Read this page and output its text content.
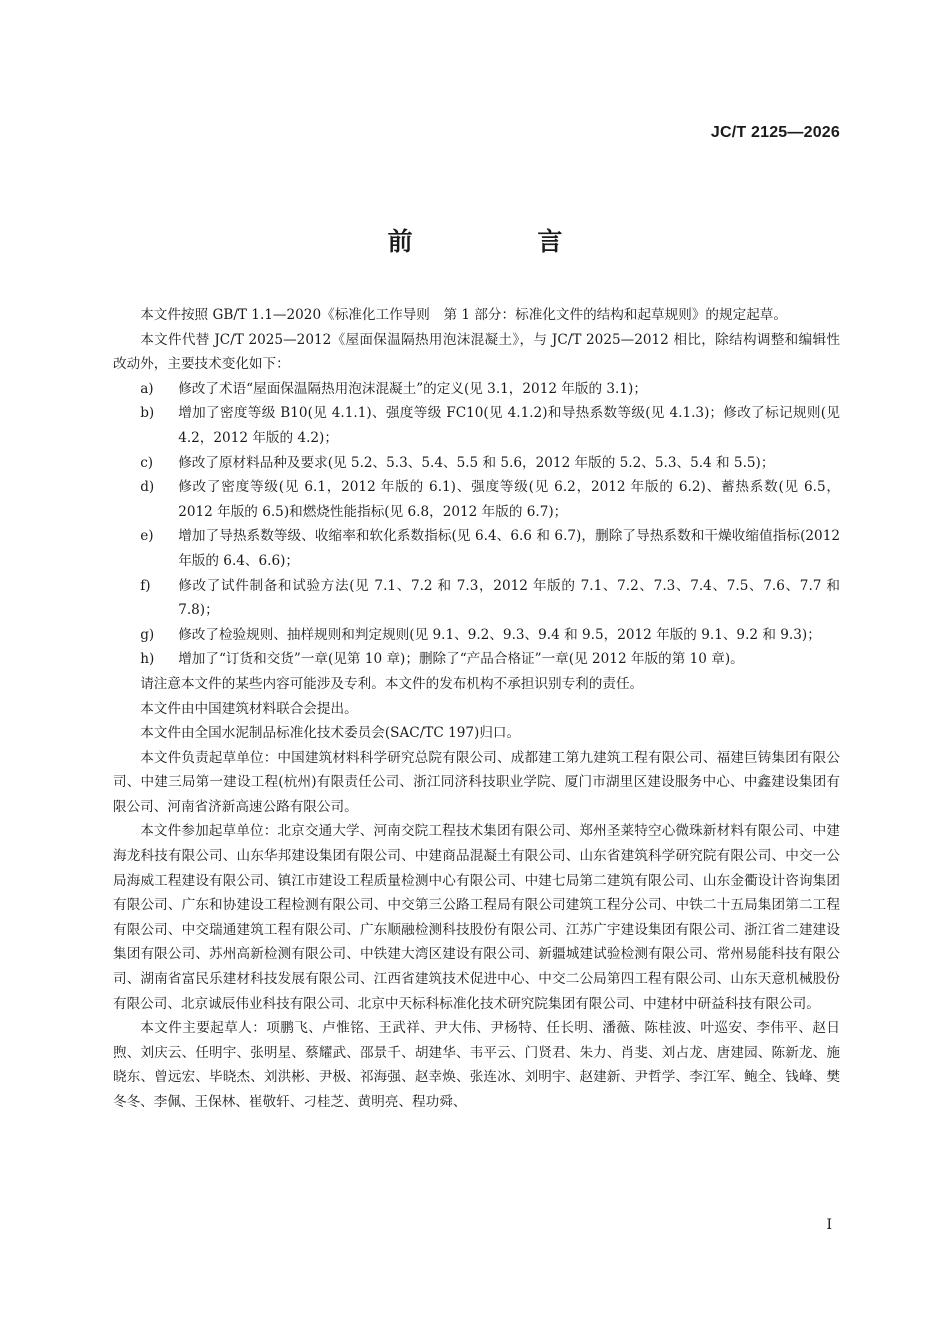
JC/T 2125—2026
前 言

本文件按照 GB/T 1.1—2020《标准化工作导则　第 1 部分：标准化文件的结构和起草规则》的规定起草。

本文件代替 JC/T 2025—2012《屋面保温隔热用泡沫混凝土》，与 JC/T 2025—2012 相比，除结构调整和编辑性改动外，主要技术变化如下：

a)	修改了术语“屋面保温隔热用泡沫混凝土”的定义(见 3.1，2012 年版的 3.1)；
b)	增加了密度等级 B10(见 4.1.1)、强度等级 FC10(见 4.1.2)和导热系数等级(见 4.1.3)；修改了标记规则(见 4.2，2012 年版的 4.2)；
c)	修改了原材料品种及要求(见 5.2、5.3、5.4、5.5 和 5.6，2012 年版的 5.2、5.3、5.4 和 5.5)；
d)	修改了密度等级(见 6.1，2012 年版的 6.1)、强度等级(见 6.2，2012 年版的 6.2)、蓄热系数(见 6.5，2012 年版的 6.5)和燃烧性能指标(见 6.8，2012 年版的 6.7)；
e)	增加了导热系数等级、收缩率和软化系数指标(见 6.4、6.6 和 6.7)，删除了导热系数和干燥收缩值指标(2012 年版的 6.4、6.6)；
f)	修改了试件制备和试验方法(见 7.1、7.2 和 7.3，2012 年版的 7.1、7.2、7.3、7.4、7.5、7.6、7.7 和 7.8)；
g)	修改了检验规则、抽样规则和判定规则(见 9.1、9.2、9.3、9.4 和 9.5，2012 年版的 9.1、9.2 和 9.3)；
h)	增加了“订货和交货”一章(见第 10 章)；删除了“产品合格证”一章(见 2012 年版的第 10 章)。

请注意本文件的某些内容可能涉及专利。本文件的发布机构不承担识别专利的责任。

本文件由中国建筑材料联合会提出。

本文件由全国水泥制品标准化技术委员会(SAC/TC 197)归口。

本文件负责起草单位：中国建筑材料科学研究总院有限公司、成都建工第九建筑工程有限公司、福建巨铸集团有限公司、中建三局第一建设工程(杭州)有限责任公司、浙江同济科技职业学院、厦门市湖里区建设服务中心、中鑫建设集团有限公司、河南省济新高速公路有限公司。

本文件参加起草单位：北京交通大学、河南交院工程技术集团有限公司、郑州圣莱特空心微珠新材料有限公司、中建海龙科技有限公司、山东华邦建设集团有限公司、中建商品混凝土有限公司、山东省建筑科学研究院有限公司、中交一公局海威工程建设有限公司、镇江市建设工程质量检测中心有限公司、中建七局第二建筑有限公司、山东金衢设计咨询集团有限公司、广东和协建设工程检测有限公司、中交第三公路工程局有限公司建筑工程分公司、中铁二十五局集团第二工程有限公司、中交瑞通建筑工程有限公司、广东顺融检测科技股份有限公司、江苏广宇建设集团有限公司、浙江省二建建设集团有限公司、苏州高新检测有限公司、中铁建大湾区建设有限公司、新疆城建试验检测有限公司、常州易能科技有限公司、湖南省富民乐建材科技发展有限公司、江西省建筑技术促进中心、中交二公局第四工程有限公司、山东天意机械股份有限公司、北京诚辰伟业科技有限公司、北京中天标科标准化技术研究院集团有限公司、中建材中研益科技有限公司。

本文件主要起草人：项鹏飞、卢惟铭、王武祥、尹大伟、尹杨特、任长明、潘薇、陈桂波、叶巡安、李伟平、赵日煦、刘庆云、任明宇、张明星、蔡耀武、邵景千、胡建华、韦平云、门贤君、朱力、肖斐、刘占龙、唐建园、陈新龙、施晓东、曾远宏、毕晓杰、刘洪彬、尹极、祁海强、赵幸焕、张连冰、刘明宇、赵建新、尹哲学、李江军、鲍全、钱峰、樊冬冬、李佩、王保林、崔敬轩、刁桂芝、黄明亮、程功舜、

I
